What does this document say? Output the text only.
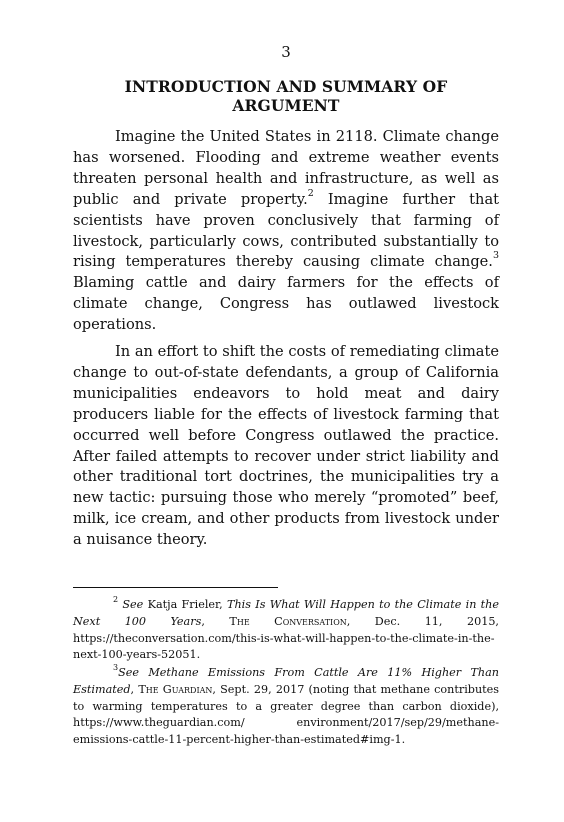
3
INTRODUCTION AND SUMMARY OF
ARGUMENT

Imagine the United States in 2118. Climate change has worsened. Flooding and extreme weather events threaten personal health and infrastructure, as well as public and private property.$^2$ Imagine further that scientists have proven conclusively that farming of livestock, particularly cows, contributed substantially to rising temperatures thereby causing climate change.$^3$ Blaming cattle and dairy farmers for the effects of climate change, Congress has outlawed livestock operations.

In an effort to shift the costs of remediating climate change to out-of-state defendants, a group of California municipalities endeavors to hold meat and dairy producers liable for the effects of livestock farming that occurred well before Congress outlawed the practice. After failed attempts to recover under strict liability and other traditional tort doctrines, the municipalities try a new tactic: pursuing those who merely “promoted” beef, milk, ice cream, and other products from livestock under a nuisance theory.

$^2$ See Katja Frieler, This Is What Will Happen to the Climate in the Next 100 Years, The Conversation, Dec. 11, 2015, https://theconversation.com/this-is-what-will-happen-to-the-climate-in-the-next-100-years-52051.

$^3$See Methane Emissions From Cattle Are 11% Higher Than Estimated, The Guardian, Sept. 29, 2017 (noting that methane contributes to warming temperatures to a greater degree than carbon dioxide), https://www.theguardian.com/ environment/2017/sep/29/methane-emissions-cattle-11-percent-higher-than-estimated#img-1.
